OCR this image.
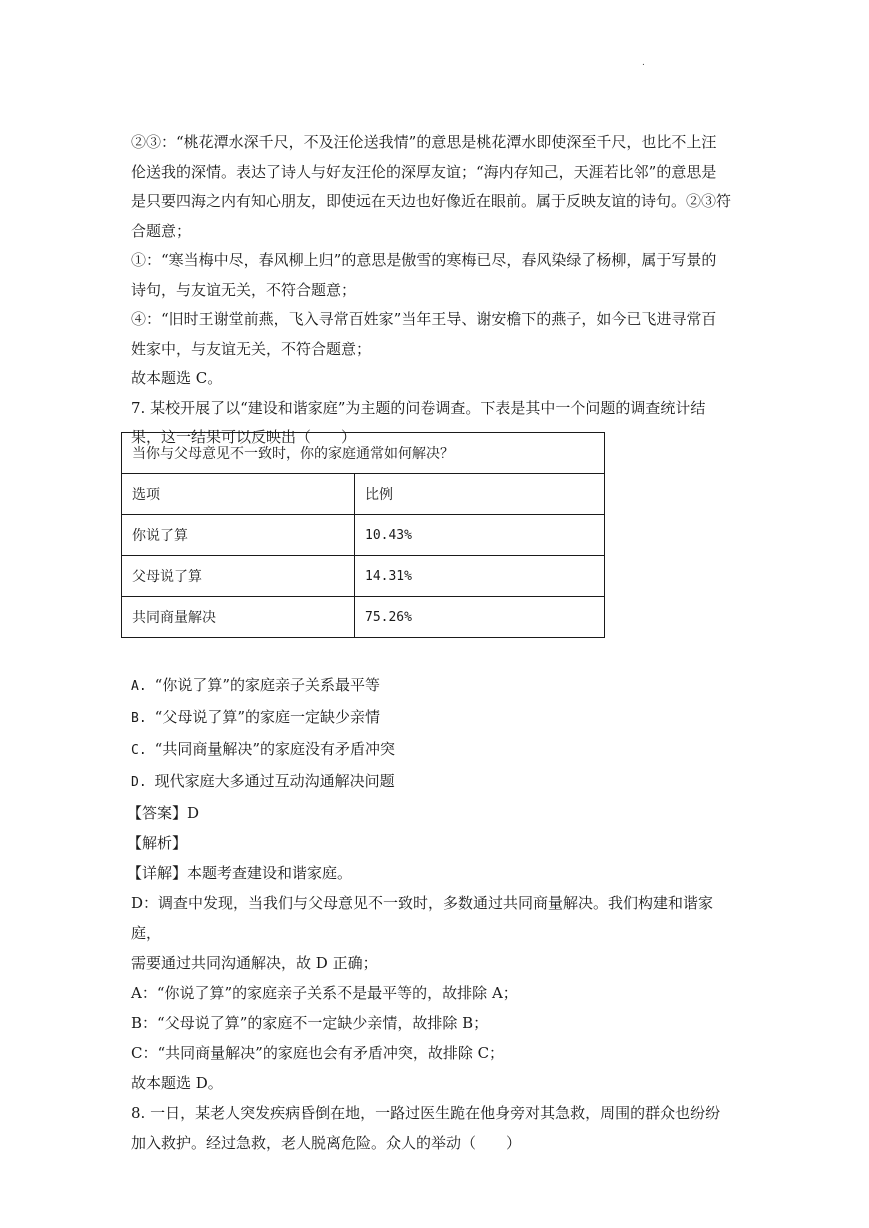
.

②③：“桃花潭水深千尺，不及汪伦送我情”的意思是桃花潭水即使深至千尺，也比不上汪

伦送我的深情。表达了诗人与好友汪伦的深厚友谊；“海内存知己，天涯若比邻”的意思是

是只要四海之内有知心朋友，即使远在天边也好像近在眼前。属于反映友谊的诗句。②③符

合题意；

①：“寒当梅中尽，春风柳上归”的意思是傲雪的寒梅已尽，春风染绿了杨柳，属于写景的

诗句，与友谊无关，不符合题意；

④：“旧时王谢堂前燕，飞入寻常百姓家”当年王导、谢安檐下的燕子，如今已飞进寻常百

姓家中，与友谊无关，不符合题意；

故本题选 C。

7. 某校开展了以“建设和谐家庭”为主题的问卷调查。下表是其中一个问题的调查统计结

果，这一结果可以反映出（　　）

当你与父母意见不一致时，你的家庭通常如何解决？	
选项	比例
你说了算	10.43%
父母说了算	14.31%
共同商量解决	75.26%

A. “你说了算”的家庭亲子关系最平等

B. “父母说了算”的家庭一定缺少亲情

C. “共同商量解决”的家庭没有矛盾冲突

D. 现代家庭大多通过互动沟通解决问题

【答案】D

【解析】

【详解】本题考查建设和谐家庭。

D：调查中发现，当我们与父母意见不一致时，多数通过共同商量解决。我们构建和谐家庭，

需要通过共同沟通解决，故 D 正确；

A：“你说了算”的家庭亲子关系不是最平等的，故排除 A；

B：“父母说了算”的家庭不一定缺少亲情，故排除 B；

C：“共同商量解决”的家庭也会有矛盾冲突，故排除 C；

故本题选 D。

8. 一日，某老人突发疾病昏倒在地，一路过医生跪在他身旁对其急救，周围的群众也纷纷

加入救护。经过急救，老人脱离危险。众人的举动（　　）
